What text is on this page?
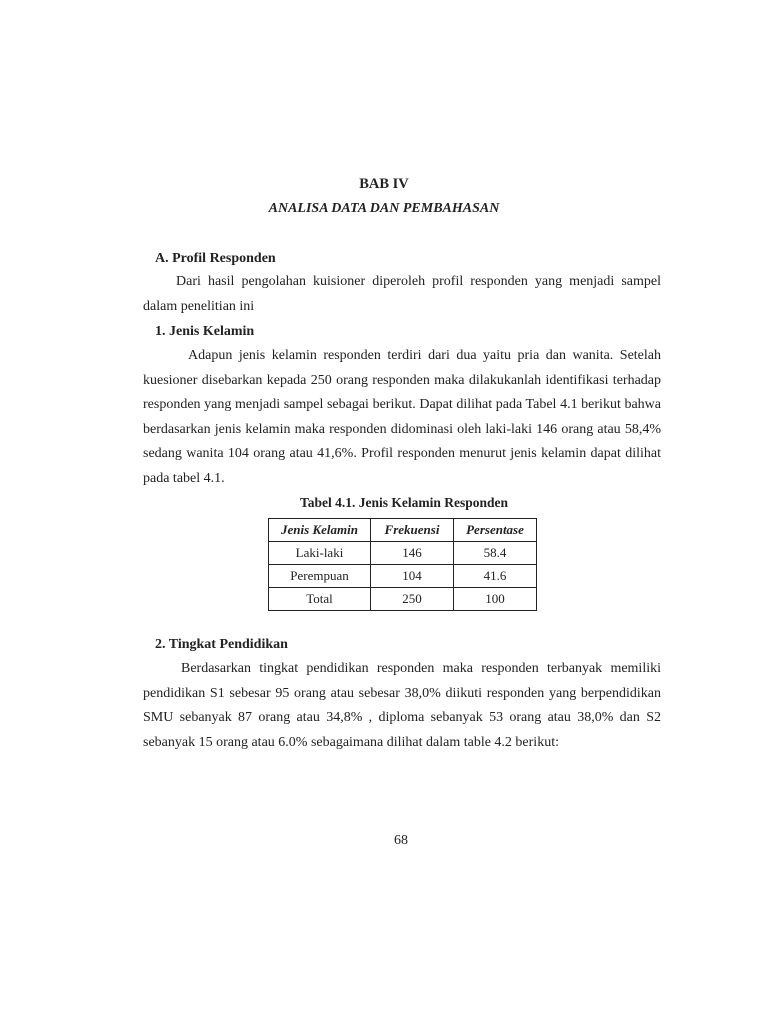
BAB IV
ANALISA DATA DAN PEMBAHASAN
A. Profil Responden

Dari hasil pengolahan kuisioner diperoleh profil responden yang menjadi sampel dalam penelitian ini

1. Jenis Kelamin

Adapun jenis kelamin responden terdiri dari dua yaitu pria dan wanita. Setelah kuesioner disebarkan kepada 250 orang responden maka dilakukanlah identifikasi terhadap responden yang menjadi sampel sebagai berikut. Dapat dilihat pada Tabel 4.1 berikut bahwa berdasarkan jenis kelamin maka responden didominasi oleh laki-laki 146 orang atau 58,4% sedang wanita 104 orang atau 41,6%. Profil responden menurut jenis kelamin dapat dilihat pada tabel 4.1.

Tabel 4.1. Jenis Kelamin Responden
Jenis Kelamin	Frekuensi	Persentase
Laki-laki	146	58.4
Perempuan	104	41.6
Total	250	100
2. Tingkat Pendidikan

Berdasarkan tingkat pendidikan responden maka responden terbanyak memiliki pendidikan S1 sebesar 95 orang atau sebesar 38,0% diikuti responden yang berpendidikan SMU sebanyak 87 orang atau 34,8% , diploma sebanyak 53 orang atau 38,0% dan S2 sebanyak 15 orang atau 6.0% sebagaimana dilihat dalam table 4.2 berikut:

68
